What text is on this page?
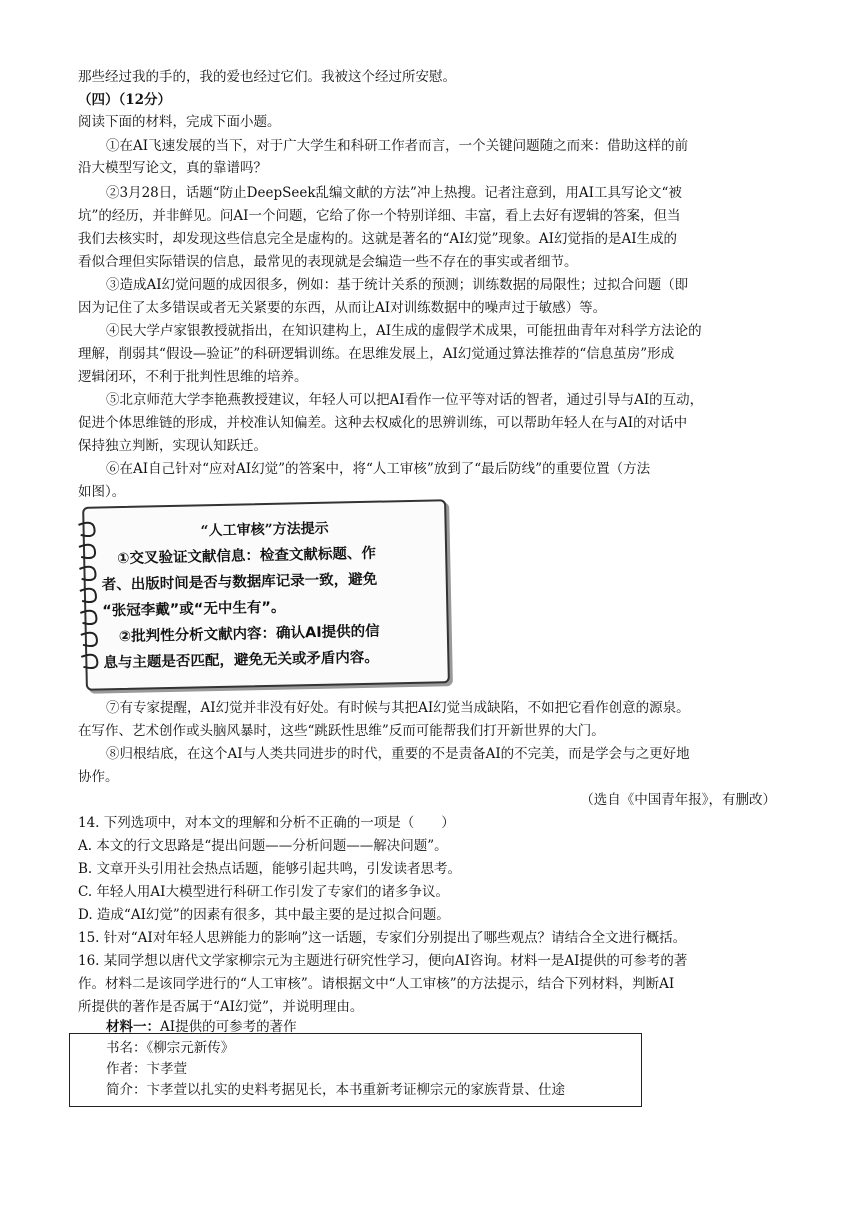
那些经过我的手的，我的爱也经过它们。我被这个经过所安慰。
（四）（12分）
阅读下面的材料，完成下面小题。
①在AI飞速发展的当下，对于广大学生和科研工作者而言，一个关键问题随之而来：借助这样的前
沿大模型写论文，真的靠谱吗？
②3月28日，话题“防止DeepSeek乱编文献的方法”冲上热搜。记者注意到，用AI工具写论文“被
坑”的经历，并非鲜见。问AI一个问题，它给了你一个特别详细、丰富，看上去好有逻辑的答案，但当
我们去核实时，却发现这些信息完全是虚构的。这就是著名的“AI幻觉”现象。AI幻觉指的是AI生成的
看似合理但实际错误的信息，最常见的表现就是会编造一些不存在的事实或者细节。
③造成AI幻觉问题的成因很多，例如：基于统计关系的预测；训练数据的局限性；过拟合问题（即
因为记住了太多错误或者无关紧要的东西，从而让AI对训练数据中的噪声过于敏感）等。
④民大学卢家银教授就指出，在知识建构上，AI生成的虚假学术成果，可能扭曲青年对科学方法论的
理解，削弱其“假设—验证”的科研逻辑训练。在思维发展上，AI幻觉通过算法推荐的“信息茧房”形成
逻辑闭环，不利于批判性思维的培养。
⑤北京师范大学李艳燕教授建议，年轻人可以把AI看作一位平等对话的智者，通过引导与AI的互动，
促进个体思维链的形成，并校准认知偏差。这种去权威化的思辨训练，可以帮助年轻人在与AI的对话中
保持独立判断，实现认知跃迁。
⑥在AI自己针对“应对AI幻觉”的答案中，将“人工审核”放到了“最后防线”的重要位置（方法
如图）。
“人工审核”方法提示
①交叉验证文献信息：检查文献标题、作
者、出版时间是否与数据库记录一致，避免
“张冠李戴”或“无中生有”。
②批判性分析文献内容：确认AI提供的信
息与主题是否匹配，避免无关或矛盾内容。
⑦有专家提醒，AI幻觉并非没有好处。有时候与其把AI幻觉当成缺陷，不如把它看作创意的源泉。
在写作、艺术创作或头脑风暴时，这些“跳跃性思维”反而可能帮我们打开新世界的大门。
⑧归根结底，在这个AI与人类共同进步的时代，重要的不是责备AI的不完美，而是学会与之更好地
协作。
（选自《中国青年报》，有删改）
14. 下列选项中，对本文的理解和分析不正确的一项是（　　）
A. 本文的行文思路是“提出问题——分析问题——解决问题”。
B. 文章开头引用社会热点话题，能够引起共鸣，引发读者思考。
C. 年轻人用AI大模型进行科研工作引发了专家们的诸多争议。
D. 造成“AI幻觉”的因素有很多，其中最主要的是过拟合问题。
15. 针对“AI对年轻人思辨能力的影响”这一话题，专家们分别提出了哪些观点？请结合全文进行概括。
16. 某同学想以唐代文学家柳宗元为主题进行研究性学习，便向AI咨询。材料一是AI提供的可参考的著
作。材料二是该同学进行的“人工审核”。请根据文中“人工审核”的方法提示，结合下列材料，判断AI
所提供的著作是否属于“AI幻觉”，并说明理由。
材料一：AI提供的可参考的著作
书名：《柳宗元新传》
作者：卞孝萱
简介：卞孝萱以扎实的史料考据见长，本书重新考证柳宗元的家族背景、仕途
